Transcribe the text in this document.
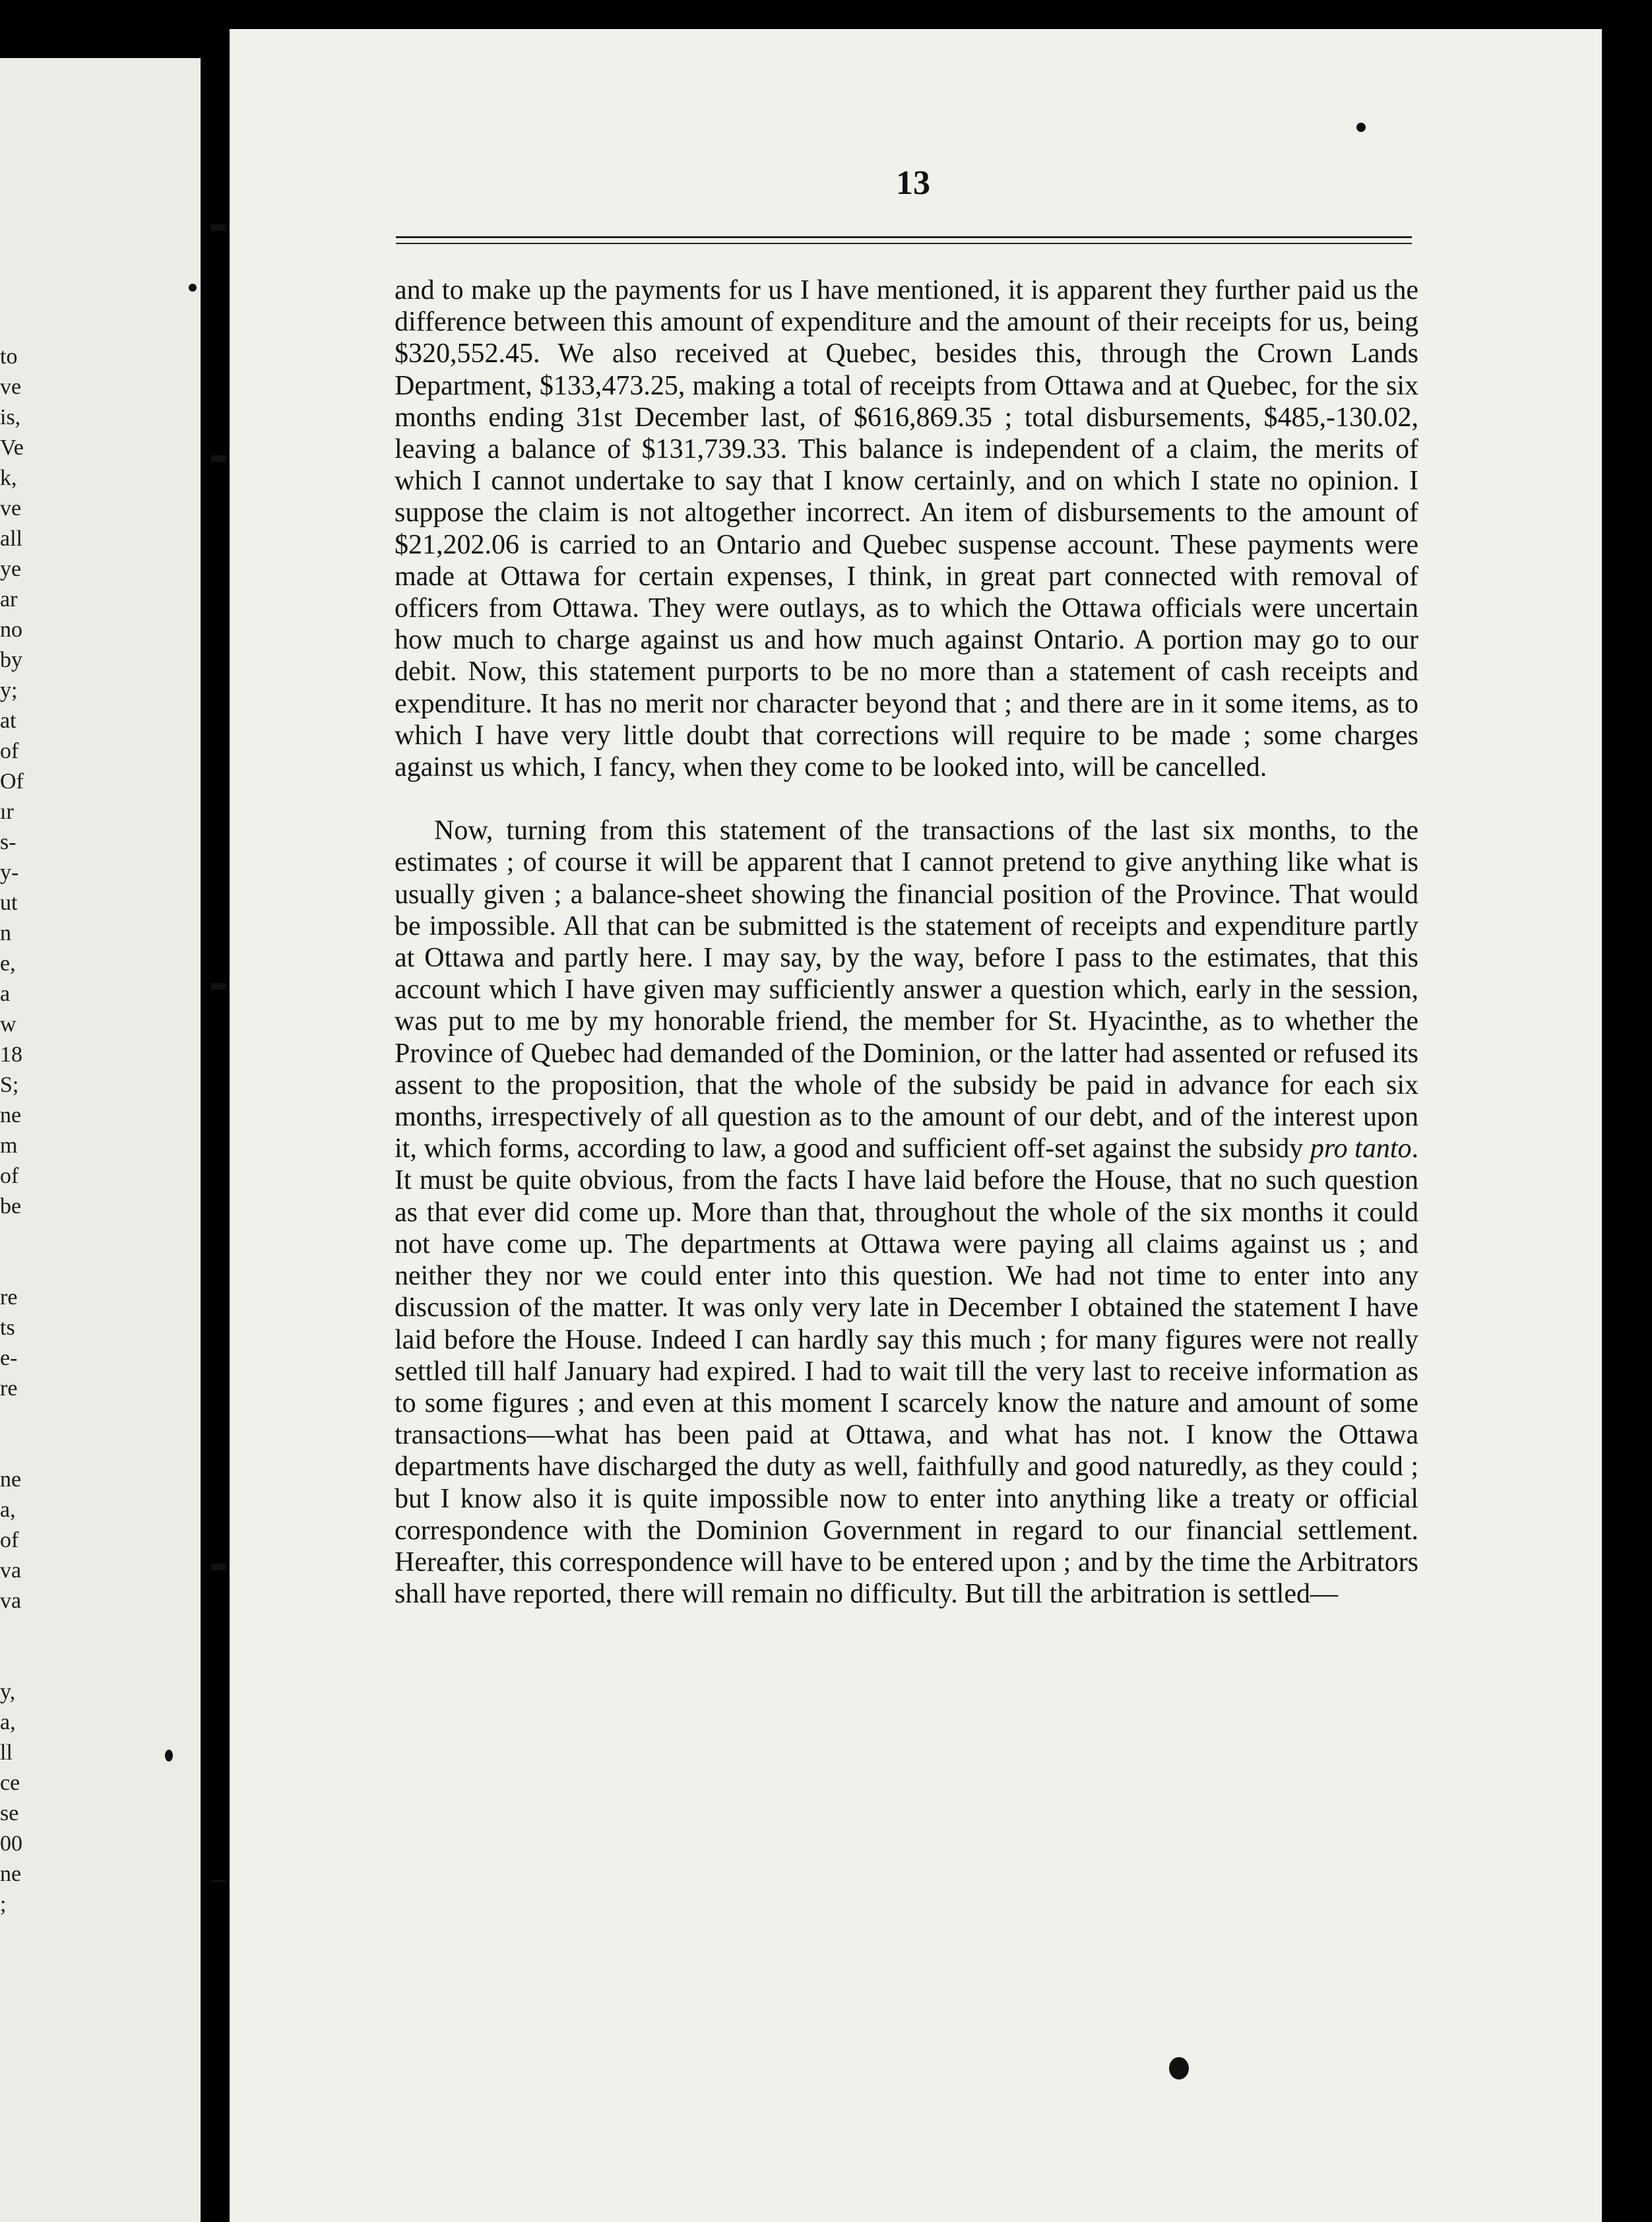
to
ve
is,
Ve
k,
ve
all
ye
ar
no
by
y;
at
of
Of
ır
s-
y-
ut
n
e,
a
w
18
S;
ne
m
of
be
re
ts
e-
re
ne
a,
of
va
va
y,
a,
ll
ce
se
00
ne
;
13

and to make up the payments for us I have mentioned, it is apparent they further paid us the difference between this amount of expenditure and the amount of their receipts for us, being $320,552.45. We also received at Quebec, besides this, through the Crown Lands Department, $133,473.25, making a total of receipts from Ottawa and at Quebec, for the six months ending 31st December last, of $616,869.35 ; total disbursements, $485,-130.02, leaving a balance of $131,739.33. This balance is independent of a claim, the merits of which I cannot undertake to say that I know certainly, and on which I state no opinion. I suppose the claim is not altogether incorrect. An item of disbursements to the amount of $21,202.06 is carried to an Ontario and Quebec suspense account. These payments were made at Ottawa for certain expenses, I think, in great part connected with removal of officers from Ottawa. They were outlays, as to which the Ottawa officials were uncertain how much to charge against us and how much against Ontario. A portion may go to our debit. Now, this statement purports to be no more than a statement of cash receipts and expenditure. It has no merit nor character beyond that ; and there are in it some items, as to which I have very little doubt that corrections will require to be made ; some charges against us which, I fancy, when they come to be looked into, will be cancelled.

Now, turning from this statement of the transactions of the last six months, to the estimates ; of course it will be apparent that I cannot pretend to give anything like what is usually given ; a balance-sheet showing the financial position of the Province. That would be impossible. All that can be submitted is the statement of receipts and expenditure partly at Ottawa and partly here. I may say, by the way, before I pass to the estimates, that this account which I have given may sufficiently answer a question which, early in the session, was put to me by my honorable friend, the member for St. Hyacinthe, as to whether the Province of Quebec had demanded of the Dominion, or the latter had assented or refused its assent to the proposition, that the whole of the subsidy be paid in advance for each six months, irrespectively of all question as to the amount of our debt, and of the interest upon it, which forms, according to law, a good and sufficient off-set against the subsidy pro tanto. It must be quite obvious, from the facts I have laid before the House, that no such question as that ever did come up. More than that, throughout the whole of the six months it could not have come up. The departments at Ottawa were paying all claims against us ; and neither they nor we could enter into this question. We had not time to enter into any discussion of the matter. It was only very late in December I obtained the statement I have laid before the House. Indeed I can hardly say this much ; for many figures were not really settled till half January had expired. I had to wait till the very last to receive information as to some figures ; and even at this moment I scarcely know the nature and amount of some transactions—what has been paid at Ottawa, and what has not. I know the Ottawa departments have discharged the duty as well, faithfully and good naturedly, as they could ; but I know also it is quite impossible now to enter into anything like a treaty or official correspondence with the Dominion Government in regard to our financial settlement. Hereafter, this correspondence will have to be entered upon ; and by the time the Arbitrators shall have reported, there will remain no difficulty. But till the arbitration is settled—
